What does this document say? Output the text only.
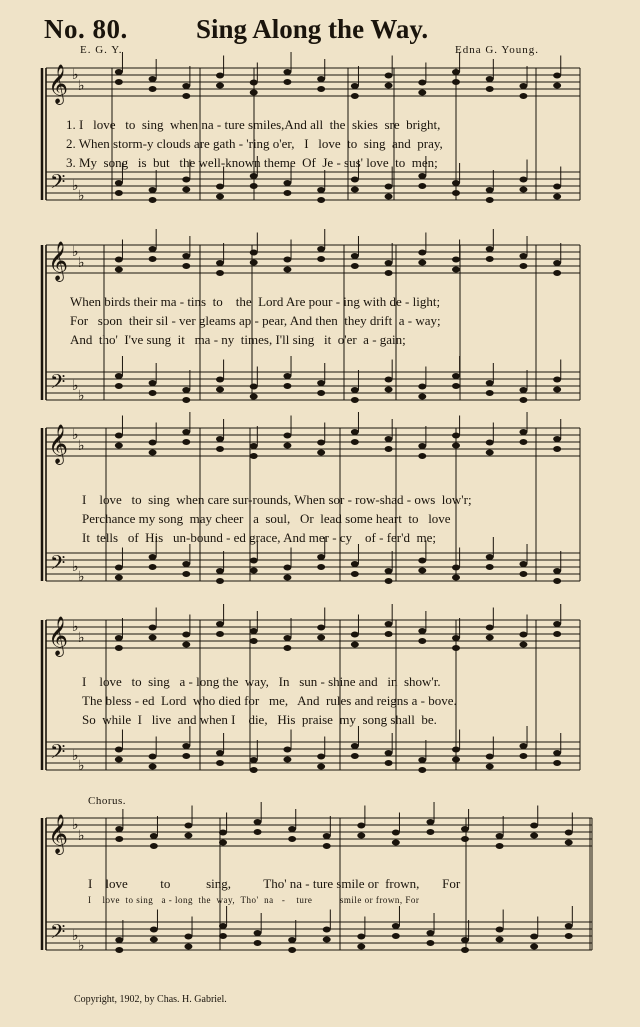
No. 80.	Sing Along the Way.
E. G. Y.	Edna G. Young.
𝄞
𝄢
♭
♭
♭
♭
𝄞
𝄢
♭
♭
♭
♭
𝄞
𝄢
♭
♭
♭
♭
𝄞
𝄢
♭
♭
♭
♭
𝄞
𝄢
♭
♭
♭
♭
1. I   love   to  sing  when na - ture smiles,And all  the  skies  sre  bright,
2. When storm-y clouds are gath - 'ring o'er,   I   love  to  sing  and  pray,
3. My  song   is  but   the well-known theme  Of  Je - sus' love  to  men;
When birds their ma - tins  to    the  Lord Are pour - ing with de - light;
For   soon  their sil - ver gleams ap - pear, And then  they drift  a - way;
And  tho'  I've sung  it   ma - ny  times, I'll sing   it  o'er  a - gain;
I    love   to  sing  when care sur-rounds, When sor - row-shad - ows  low'r;
Perchance my song  may cheer   a  soul,   Or  lead some heart  to   love
It  tells   of  His   un-bound - ed grace, And mer - cy    of - fer'd  me;
I    love   to  sing   a - long the  way,   In   sun - shine and   in  show'r.
The bless - ed  Lord  who died for   me,   And  rules and reigns a - bove.
So  while  I   live  and when I    die,   His  praise  my  song shall  be.
Chorus.
I    love          to           sing,          Tho' na - ture smile or  frown,       For
I    love  to sing   a - long  the  way,  Tho'  na   -    ture          smile or frown, For
Copyright, 1902, by Chas. H. Gabriel.
